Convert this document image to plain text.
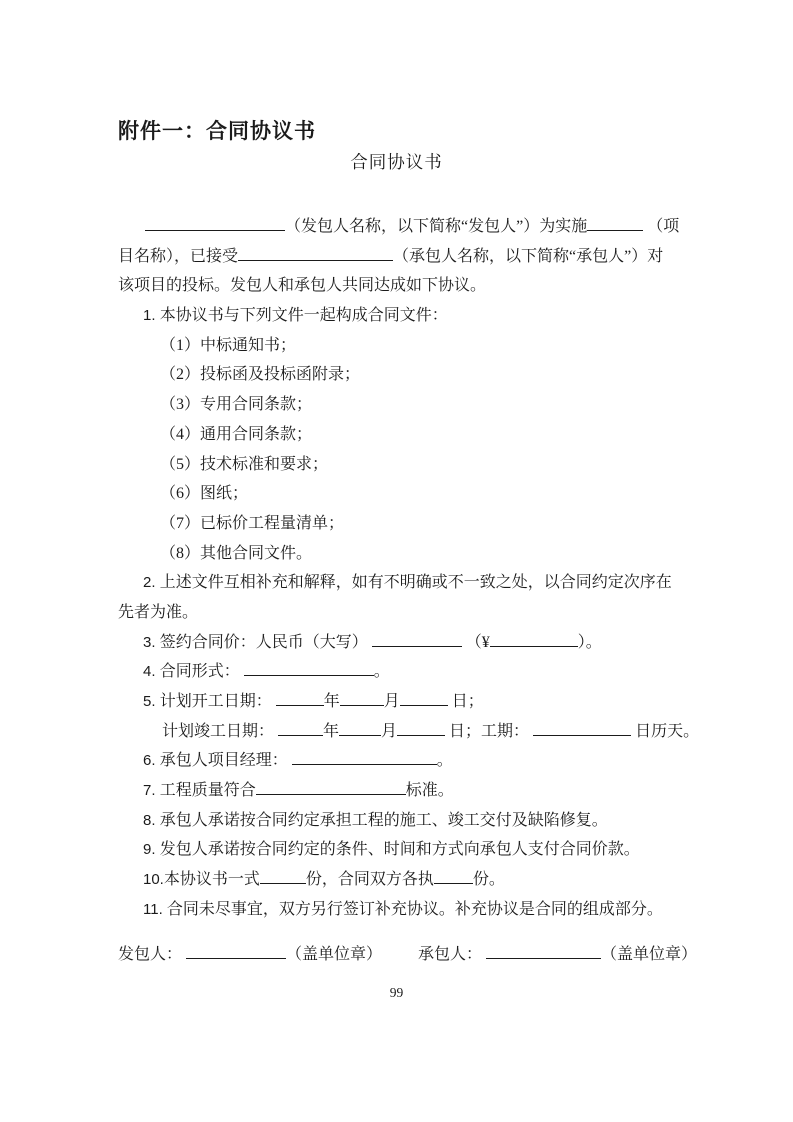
附件一：合同协议书
合同协议书
（发包人名称，以下简称“发包人”）为实施	（项
目名称），已接受	（承包人名称，以下简称“承包人”）对
该项目的投标。发包人和承包人共同达成如下协议。
1. 本协议书与下列文件一起构成合同文件：
（1）中标通知书；
（2）投标函及投标函附录；
（3）专用合同条款；
（4）通用合同条款；
（5）技术标准和要求；
（6）图纸；
（7）已标价工程量清单；
（8）其他合同文件。
2. 上述文件互相补充和解释，如有不明确或不一致之处，以合同约定次序在
先者为准。
3. 签约合同价：人民币（大写）	（¥	）。
4. 合同形式：	。
5. 计划开工日期：	年	月	日；
计划竣工日期：	年	月	日；工期：	日历天。
6. 承包人项目经理：	。
7. 工程质量符合	标准。
8. 承包人承诺按合同约定承担工程的施工、竣工交付及缺陷修复。
9. 发包人承诺按合同约定的条件、时间和方式向承包人支付合同价款。
10.本协议书一式	份，合同双方各执 份。
11. 合同未尽事宜，双方另行签订补充协议。补充协议是合同的组成部分。
发包人：	（盖单位章） 承包人：	（盖单位章）
99
